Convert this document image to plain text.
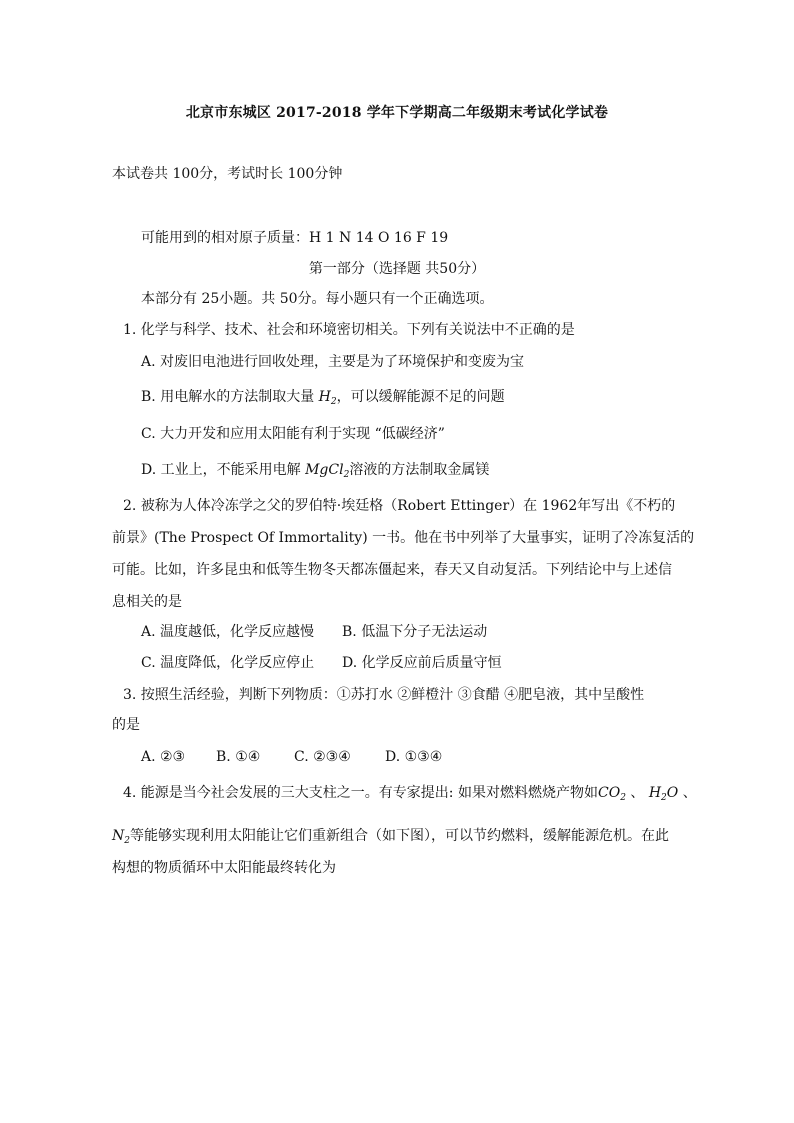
北京市东城区 2017-2018 学年下学期高二年级期末考试化学试卷
本试卷共 100分，考试时长 100分钟
可能用到的相对原子质量：H 1 N 14 O 16 F 19
第一部分（选择题 共50分）
本部分有 25小题。共 50分。每小题只有一个正确选项。
1. 化学与科学、技术、社会和环境密切相关。下列有关说法中不正确的是
A. 对废旧电池进行回收处理，主要是为了环境保护和变废为宝
B. 用电解水的方法制取大量 $H_2$，可以缓解能源不足的问题
C. 大力开发和应用太阳能有利于实现 “低碳经济”
D. 工业上，不能采用电解 MgCl$_2$溶液的方法制取金属镁
2. 被称为人体冷冻学之父的罗伯特·埃廷格（Robert Ettinger）在 1962年写出《不朽的
前景》(The Prospect Of Immortality) 一书。他在书中列举了大量事实，证明了冷冻复活的
可能。比如，许多昆虫和低等生物冬天都冻僵起来，春天又自动复活。下列结论中与上述信
息相关的是
A. 温度越低，化学反应越慢 B. 低温下分子无法运动
C. 温度降低，化学反应停止 D. 化学反应前后质量守恒
3. 按照生活经验，判断下列物质：①苏打水 ②鲜橙汁 ③食醋 ④肥皂液，其中呈酸性
的是
A. ②③ B. ①④ C. ②③④ D. ①③④
4. 能源是当今社会发展的三大支柱之一。有专家提出: 如果对燃料燃烧产物如$CO_2$ 、 $H_2O$ 、
$N_2$等能够实现利用太阳能让它们重新组合（如下图），可以节约燃料，缓解能源危机。在此
构想的物质循环中太阳能最终转化为
